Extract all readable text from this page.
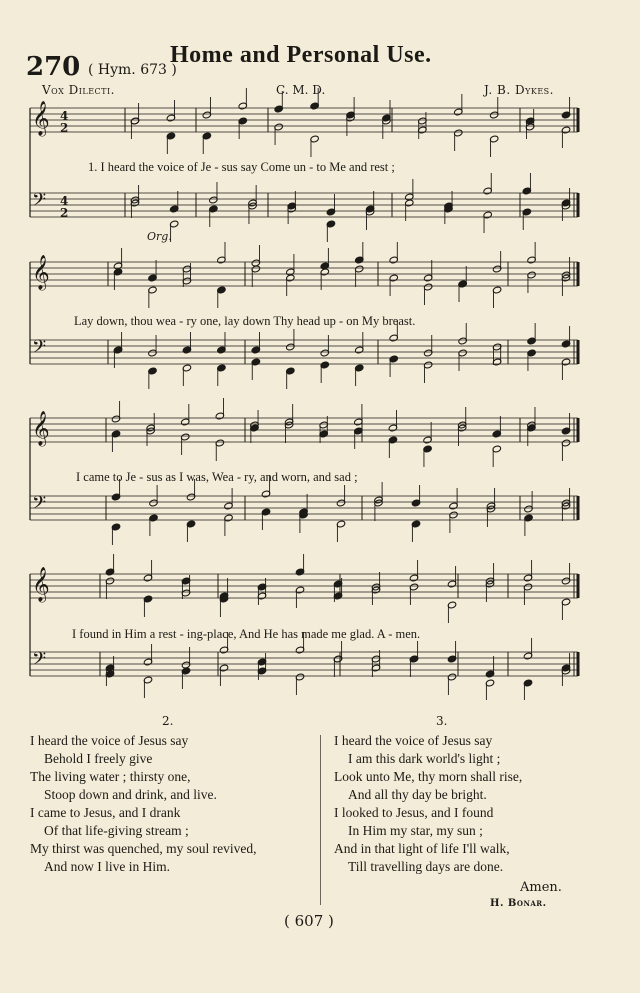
270 ( Hym. 673 )
Home and Personal Use.
Vox Dilecti.	C. M. D.	J. B. Dykes.
𝄞 4
2
𝄢 4
2
𝄞
𝄢
𝄞
𝄢
𝄞
𝄢
1. I heard the voice of Je - sus say Come un - to Me and rest ;
Org.
Lay down, thou wea - ry one, lay down Thy head up - on My breast.
I came to Je - sus as I was, Wea - ry, and worn, and sad ;
I found in Him a rest - ing-place, And He has made me glad. A - men.
2.
I heard the voice of Jesus say
Behold I freely give
The living water ; thirsty one,
Stoop down and drink, and live.
I came to Jesus, and I drank
Of that life-giving stream ;
My thirst was quenched, my soul revived,
And now I live in Him.
3.
I heard the voice of Jesus say
I am this dark world's light ;
Look unto Me, thy morn shall rise,
And all thy day be bright.
I looked to Jesus, and I found
In Him my star, my sun ;
And in that light of life I'll walk,
Till travelling days are done.
Amen.
H. Bonar.
( 607 )
